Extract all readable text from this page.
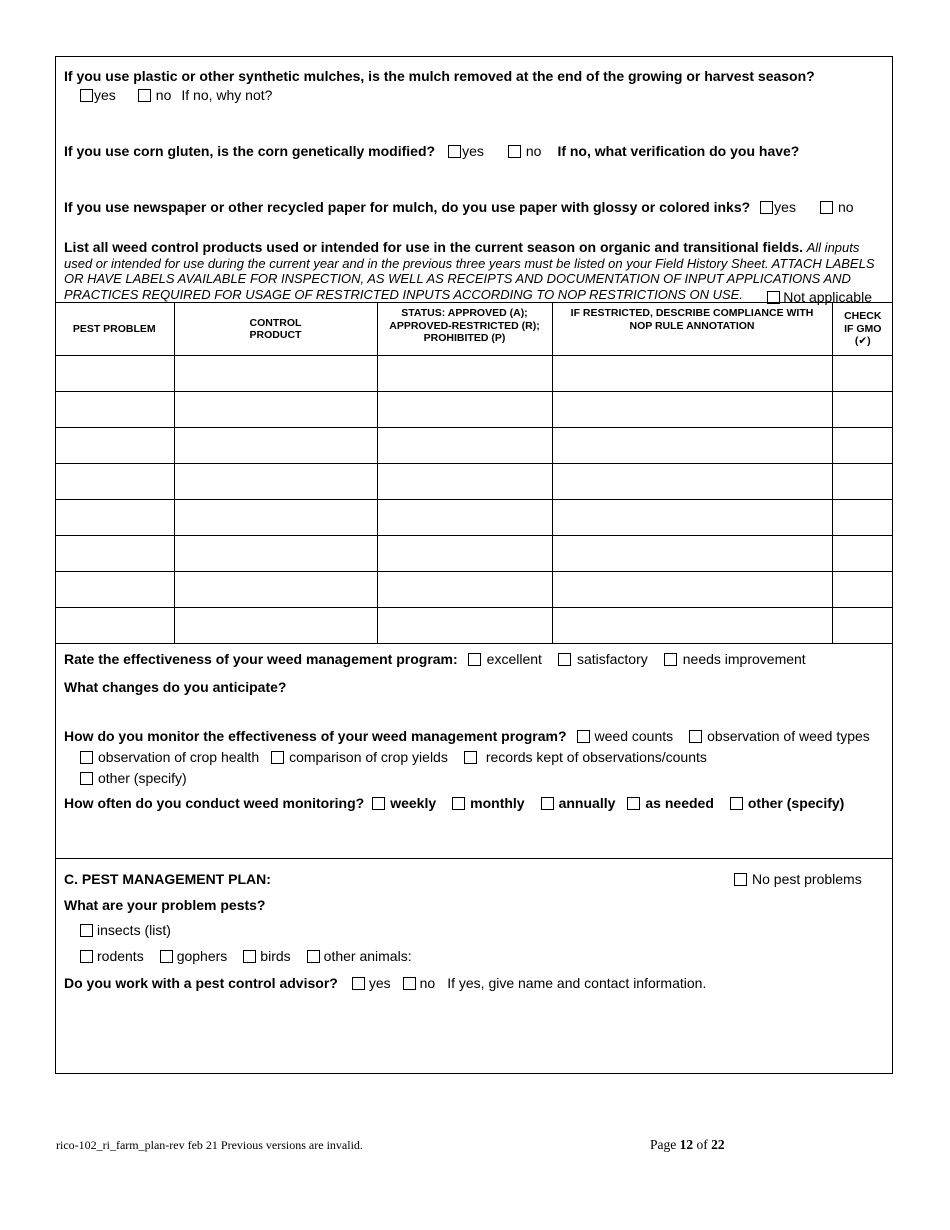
If you use plastic or other synthetic mulches, is the mulch removed at the end of the growing or harvest season?
yes	no If no, why not?
If you use corn gluten, is the corn genetically modified? yes	no If no, what verification do you have?
If you use newspaper or other recycled paper for mulch, do you use paper with glossy or colored inks? yes	no
List all weed control products used or intended for use in the current season on organic and transitional fields. All inputs used or intended for use during the current year and in the previous three years must be listed on your Field History Sheet. ATTACH LABELS OR HAVE LABELS AVAILABLE FOR INSPECTION, AS WELL AS RECEIPTS AND DOCUMENTATION OF INPUT APPLICATIONS AND PRACTICES REQUIRED FOR USAGE OF RESTRICTED INPUTS ACCORDING TO NOP RESTRICTIONS ON USE.	Not applicable
PEST PROBLEM	CONTROL PRODUCT	STATUS: APPROVED (A); APPROVED-RESTRICTED (R); PROHIBITED (P)	IF RESTRICTED, DESCRIBE COMPLIANCE WITH NOP RULE ANNOTATION	CHECK IF GMO (✔)

Rate the effectiveness of your weed management program: excellent	satisfactory	needs improvement
What changes do you anticipate?
How do you monitor the effectiveness of your weed management program? weed counts observation of weed types
observation of crop health comparison of crop yields	records kept of observations/counts
other (specify)
How often do you conduct weed monitoring? weekly monthly annually as needed other (specify)
C. PEST MANAGEMENT PLAN:	No pest problems
What are your problem pests?
insects (list)
rodents gophers birds other animals:
Do you work with a pest control advisor? yes no If yes, give name and contact information.
rico-102_ri_farm_plan-rev feb 21 Previous versions are invalid.	Page 12 of 22
